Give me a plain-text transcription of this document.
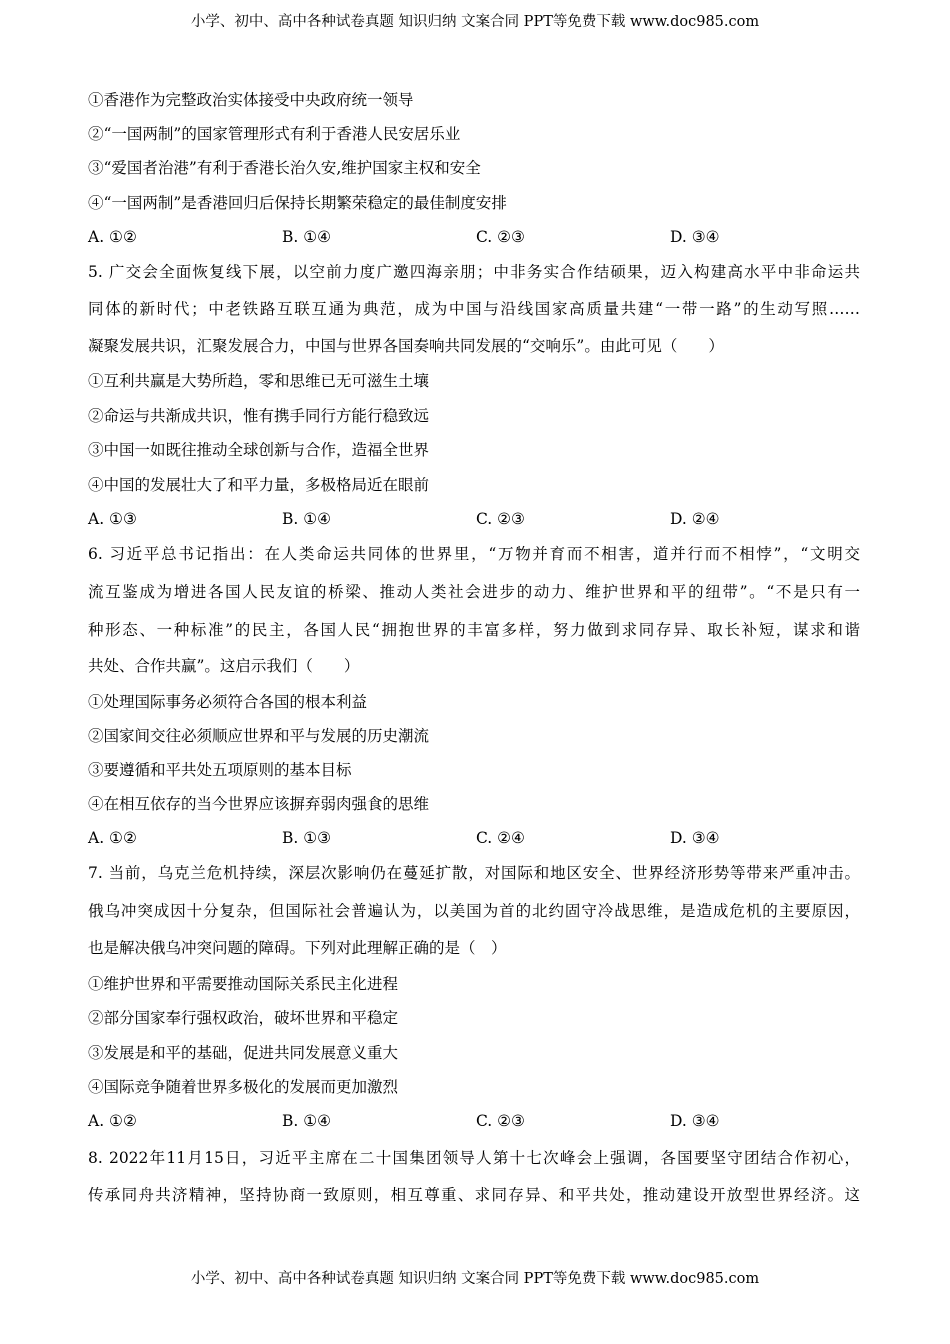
小学、初中、高中各种试卷真题 知识归纳 文案合同 PPT等免费下载 www.doc985.com
①香港作为完整政治实体接受中央政府统一领导
②“一国两制”的国家管理形式有利于香港人民安居乐业
③“爱国者治港”有利于香港长治久安,维护国家主权和安全
④“一国两制”是香港回归后保持长期繁荣稳定的最佳制度安排
A. ①②	B. ①④	C. ②③	D. ③④
5. 广交会全面恢复线下展，以空前力度广邀四海亲朋；中非务实合作结硕果，迈入构建高水平中非命运共
同体的新时代；中老铁路互联互通为典范，成为中国与沿线国家高质量共建“一带一路”的生动写照……
凝聚发展共识，汇聚发展合力，中国与世界各国奏响共同发展的“交响乐”。由此可见（　　）
①互利共赢是大势所趋，零和思维已无可滋生土壤
②命运与共渐成共识，惟有携手同行方能行稳致远
③中国一如既往推动全球创新与合作，造福全世界
④中国的发展壮大了和平力量，多极格局近在眼前
A. ①③	B. ①④	C. ②③	D. ②④
6. 习近平总书记指出：在人类命运共同体的世界里，“万物并育而不相害，道并行而不相悖”，“文明交
流互鉴成为增进各国人民友谊的桥梁、推动人类社会进步的动力、维护世界和平的纽带”。“不是只有一
种形态、一种标准”的民主，各国人民“拥抱世界的丰富多样，努力做到求同存异、取长补短，谋求和谐
共处、合作共赢”。这启示我们（　　）
①处理国际事务必须符合各国的根本利益
②国家间交往必须顺应世界和平与发展的历史潮流
③要遵循和平共处五项原则的基本目标
④在相互依存的当今世界应该摒弃弱肉强食的思维
A. ①②	B. ①③	C. ②④	D. ③④
7. 当前，乌克兰危机持续，深层次影响仍在蔓延扩散，对国际和地区安全、世界经济形势等带来严重冲击。
俄乌冲突成因十分复杂，但国际社会普遍认为，以美国为首的北约固守冷战思维，是造成危机的主要原因，
也是解决俄乌冲突问题的障碍。下列对此理解正确的是（　）
①维护世界和平需要推动国际关系民主化进程
②部分国家奉行强权政治，破坏世界和平稳定
③发展是和平的基础，促进共同发展意义重大
④国际竞争随着世界多极化的发展而更加激烈
A. ①②	B. ①④	C. ②③	D. ③④
8. 2022年11月15日，习近平主席在二十国集团领导人第十七次峰会上强调，各国要坚守团结合作初心，
传承同舟共济精神，坚持协商一致原则，相互尊重、求同存异、和平共处，推动建设开放型世界经济。这
小学、初中、高中各种试卷真题 知识归纳 文案合同 PPT等免费下载 www.doc985.com
